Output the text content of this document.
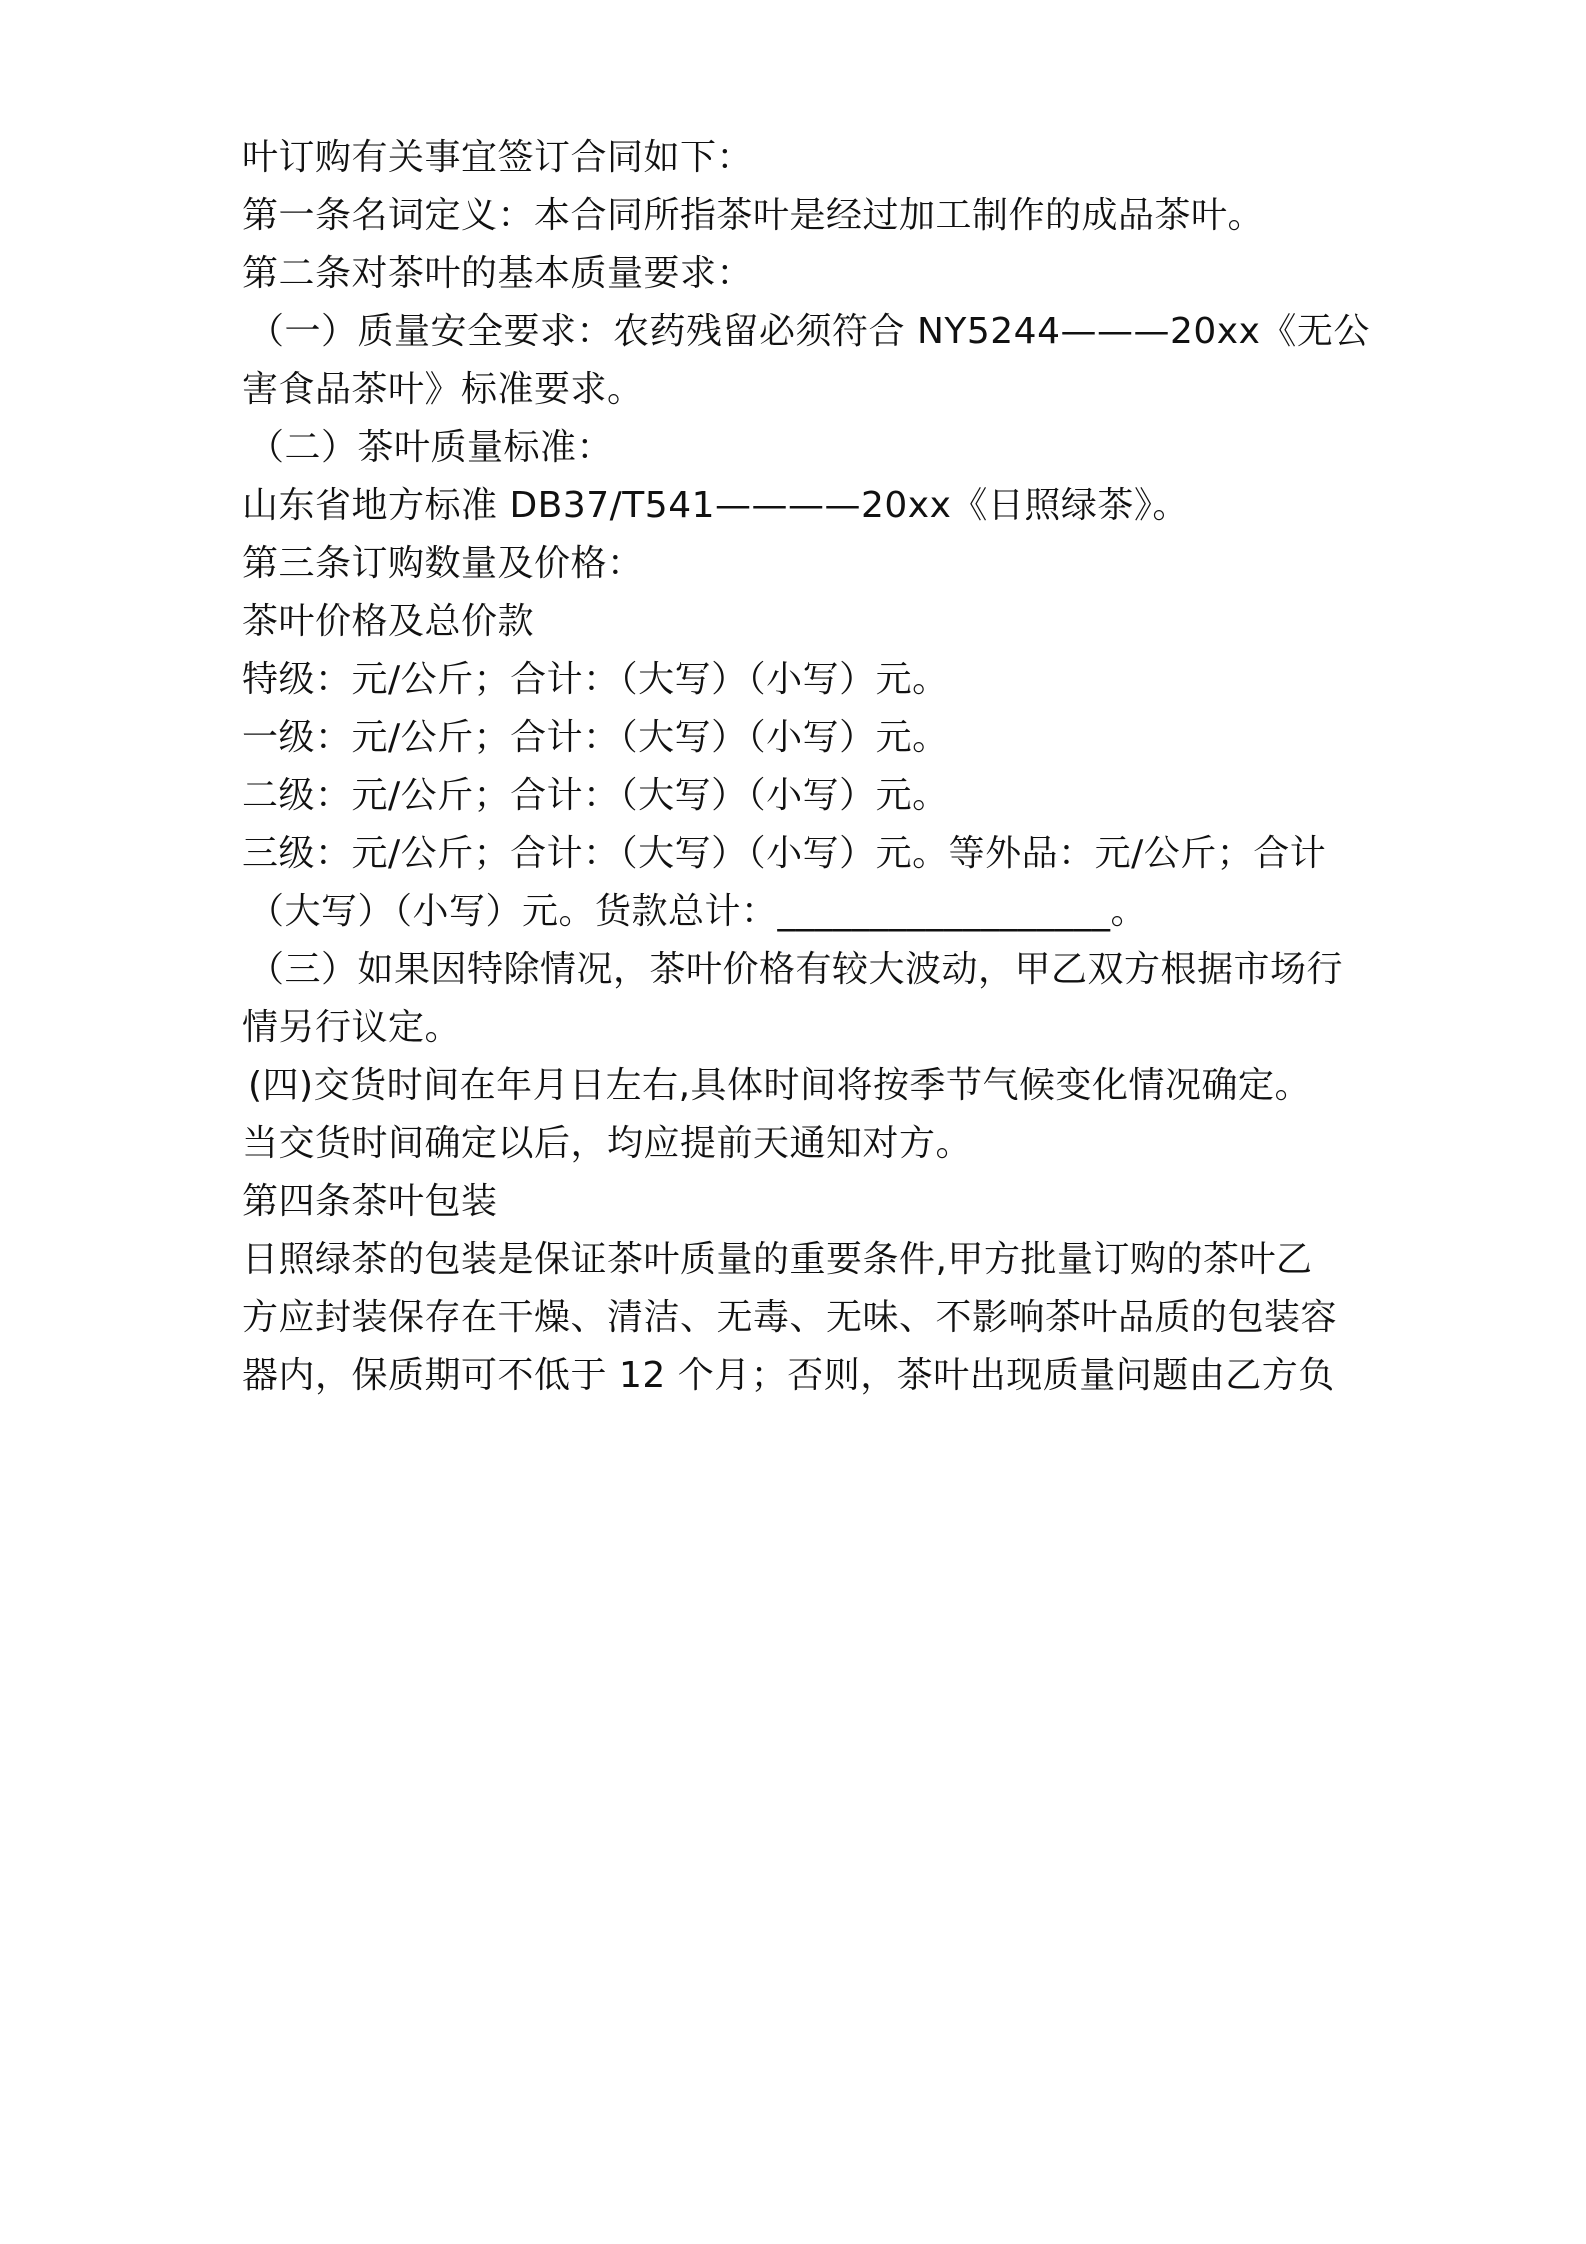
叶订购有关事宜签订合同如下：
第一条名词定义：本合同所指茶叶是经过加工制作的成品茶叶。
第二条对茶叶的基本质量要求：
（一）质量安全要求：农药残留必须符合 NY5244———20xx《无公
害食品茶叶》标准要求。
（二）茶叶质量标准：
山东省地方标准 DB37/T541————20xx《日照绿茶》。
第三条订购数量及价格：
茶叶价格及总价款
特级：元/公斤；合计：（大写）（小写）元。
一级：元/公斤；合计：（大写）（小写）元。
二级：元/公斤；合计：（大写）（小写）元。
三级：元/公斤；合计：（大写）（小写）元。等外品：元/公斤；合计
（大写）（小写）元。货款总计：__________________。
（三）如果因特除情况，茶叶价格有较大波动，甲乙双方根据市场行
情另行议定。
(四)交货时间在年月日左右,具体时间将按季节气候变化情况确定。
当交货时间确定以后，均应提前天通知对方。
第四条茶叶包装
日照绿茶的包装是保证茶叶质量的重要条件,甲方批量订购的茶叶乙
方应封装保存在干燥、清洁、无毒、无味、不影响茶叶品质的包装容
器内，保质期可不低于 12 个月；否则，茶叶出现质量问题由乙方负
